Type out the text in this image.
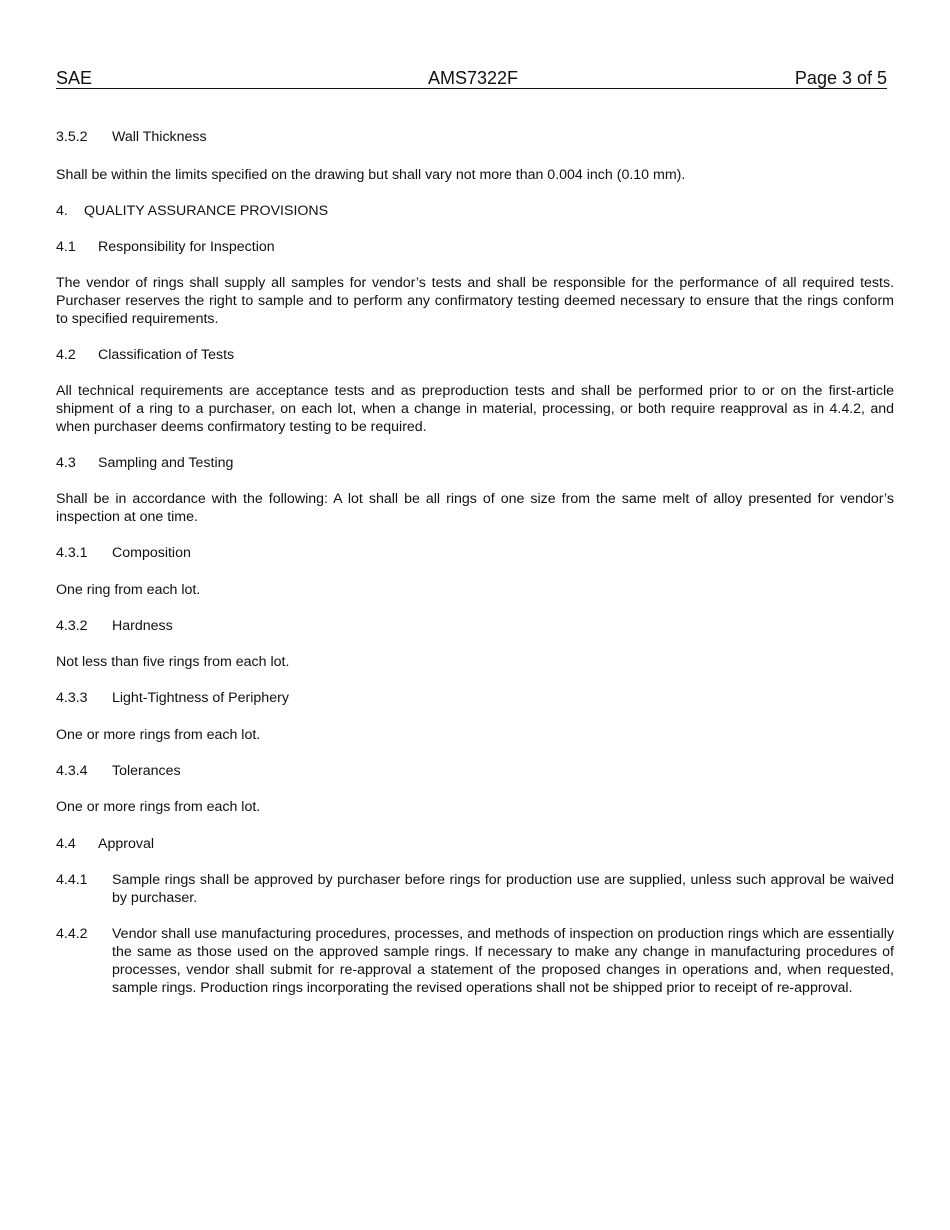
SAE	AMS7322F	Page 3 of 5
3.5.2 Wall Thickness
Shall be within the limits specified on the drawing but shall vary not more than 0.004 inch (0.10 mm).
4. QUALITY ASSURANCE PROVISIONS
4.1 Responsibility for Inspection
The vendor of rings shall supply all samples for vendor’s tests and shall be responsible for the performance of all required tests. Purchaser reserves the right to sample and to perform any confirmatory testing deemed necessary to ensure that the rings conform to specified requirements.
4.2 Classification of Tests
All technical requirements are acceptance tests and as preproduction tests and shall be performed prior to or on the first-article shipment of a ring to a purchaser, on each lot, when a change in material, processing, or both require reapproval as in 4.4.2, and when purchaser deems confirmatory testing to be required.
4.3 Sampling and Testing
Shall be in accordance with the following: A lot shall be all rings of one size from the same melt of alloy presented for vendor’s inspection at one time.
4.3.1 Composition
One ring from each lot.
4.3.2 Hardness
Not less than five rings from each lot.
4.3.3 Light-Tightness of Periphery
One or more rings from each lot.
4.3.4 Tolerances
One or more rings from each lot.
4.4 Approval
4.4.1	Sample rings shall be approved by purchaser before rings for production use are supplied, unless such approval be waived by purchaser.
4.4.2	Vendor shall use manufacturing procedures, processes, and methods of inspection on production rings which are essentially the same as those used on the approved sample rings. If necessary to make any change in manufacturing procedures of processes, vendor shall submit for re-approval a statement of the proposed changes in operations and, when requested, sample rings. Production rings incorporating the revised operations shall not be shipped prior to receipt of re-approval.
